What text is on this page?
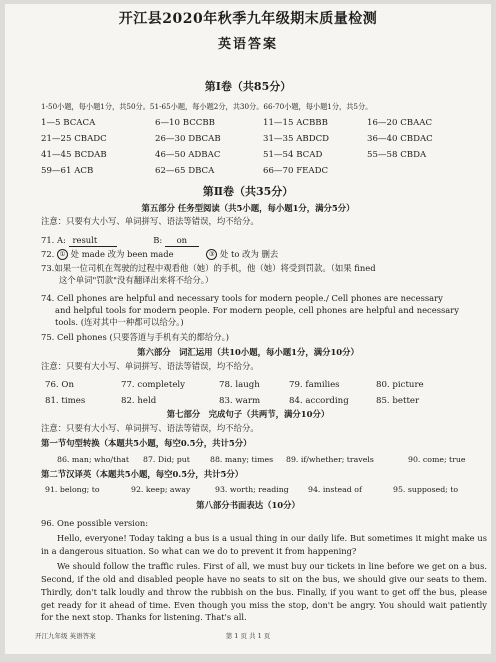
开江县2020年秋季九年级期末质量检测
英语答案
第Ⅰ卷（共85分）
1-50小题，每小题1分，共50分。51-65小题，每小题2分，共30分。66-70小题，每小题1分，共5分。
1—5 BCACA	6—10 BCCBB	11—15 ACBBB	16—20 CBAAC
21—25 CBADC	26—30 DBCAB	31—35 ABDCD	36—40 CBDAC
41—45 BCDAB	46—50 ADBAC	51—54 BCAD	55—58 CBDA
59—61 ACB	62—65 DBCA	66—70 FEADC
第Ⅱ卷（共35分）
第五部分 任务型阅读（共5小题，每小题1分，满分5分）
注意：只要有大小写、单词拼写、语法等错误，均不给分。
71. A: result	B: on
72. ① 处 made 改为 been made	③ 处 to 改为 删去
73.如果一位司机在驾驶的过程中观看他（她）的手机，他（她）将受到罚款。（如果 fined
这个单词"罚款"没有翻译出来将不给分。）
74. Cell phones are helpful and necessary tools for modern people./ Cell phones are necessary
and helpful tools for modern people. For modern people, cell phones are helpful and necessary
tools. (连对其中一种都可以给分。)
75. Cell phones (只要答道与手机有关的都给分。)
第六部分　词汇运用（共10小题，每小题1分，满分10分）
注意：只要有大小写、单词拼写、语法等错误，均不给分。
76. On	77. completely	78. laugh	79. families	80. picture
81. times	82. held	83. warm	84. according	85. better
第七部分　完成句子（共两节，满分10分）
注意：只要有大小写、单词拼写、语法等错误，均不给分。
第一节句型转换（本题共5小题，每空0.5分，共计5分）
86. man; who/that 87. Did; put	88. many; times 89. if/whether; travels	90. come; true
第二节汉译英（本题共5小题，每空0.5分，共计5分）
91. belong; to	92. keep; away	93. worth; reading 94. instead of	95. supposed; to
第八部分书面表达（10分）
96. One possible version:
Hello, everyone! Today taking a bus is a usual thing in our daily life. But sometimes it might make us in a dangerous situation. So what can we do to prevent it from happening?
We should follow the traffic rules. First of all, we must buy our tickets in line before we get on a bus. Second, if the old and disabled people have no seats to sit on the bus, we should give our seats to them. Thirdly, don't talk loudly and throw the rubbish on the bus. Finally, if you want to get off the bus, please get ready for it ahead of time. Even though you miss the stop, don't be angry. You should wait patiently for the next stop. Thanks for listening. That's all.
开江九年级 英语答案	第 1 页 共 1 页
